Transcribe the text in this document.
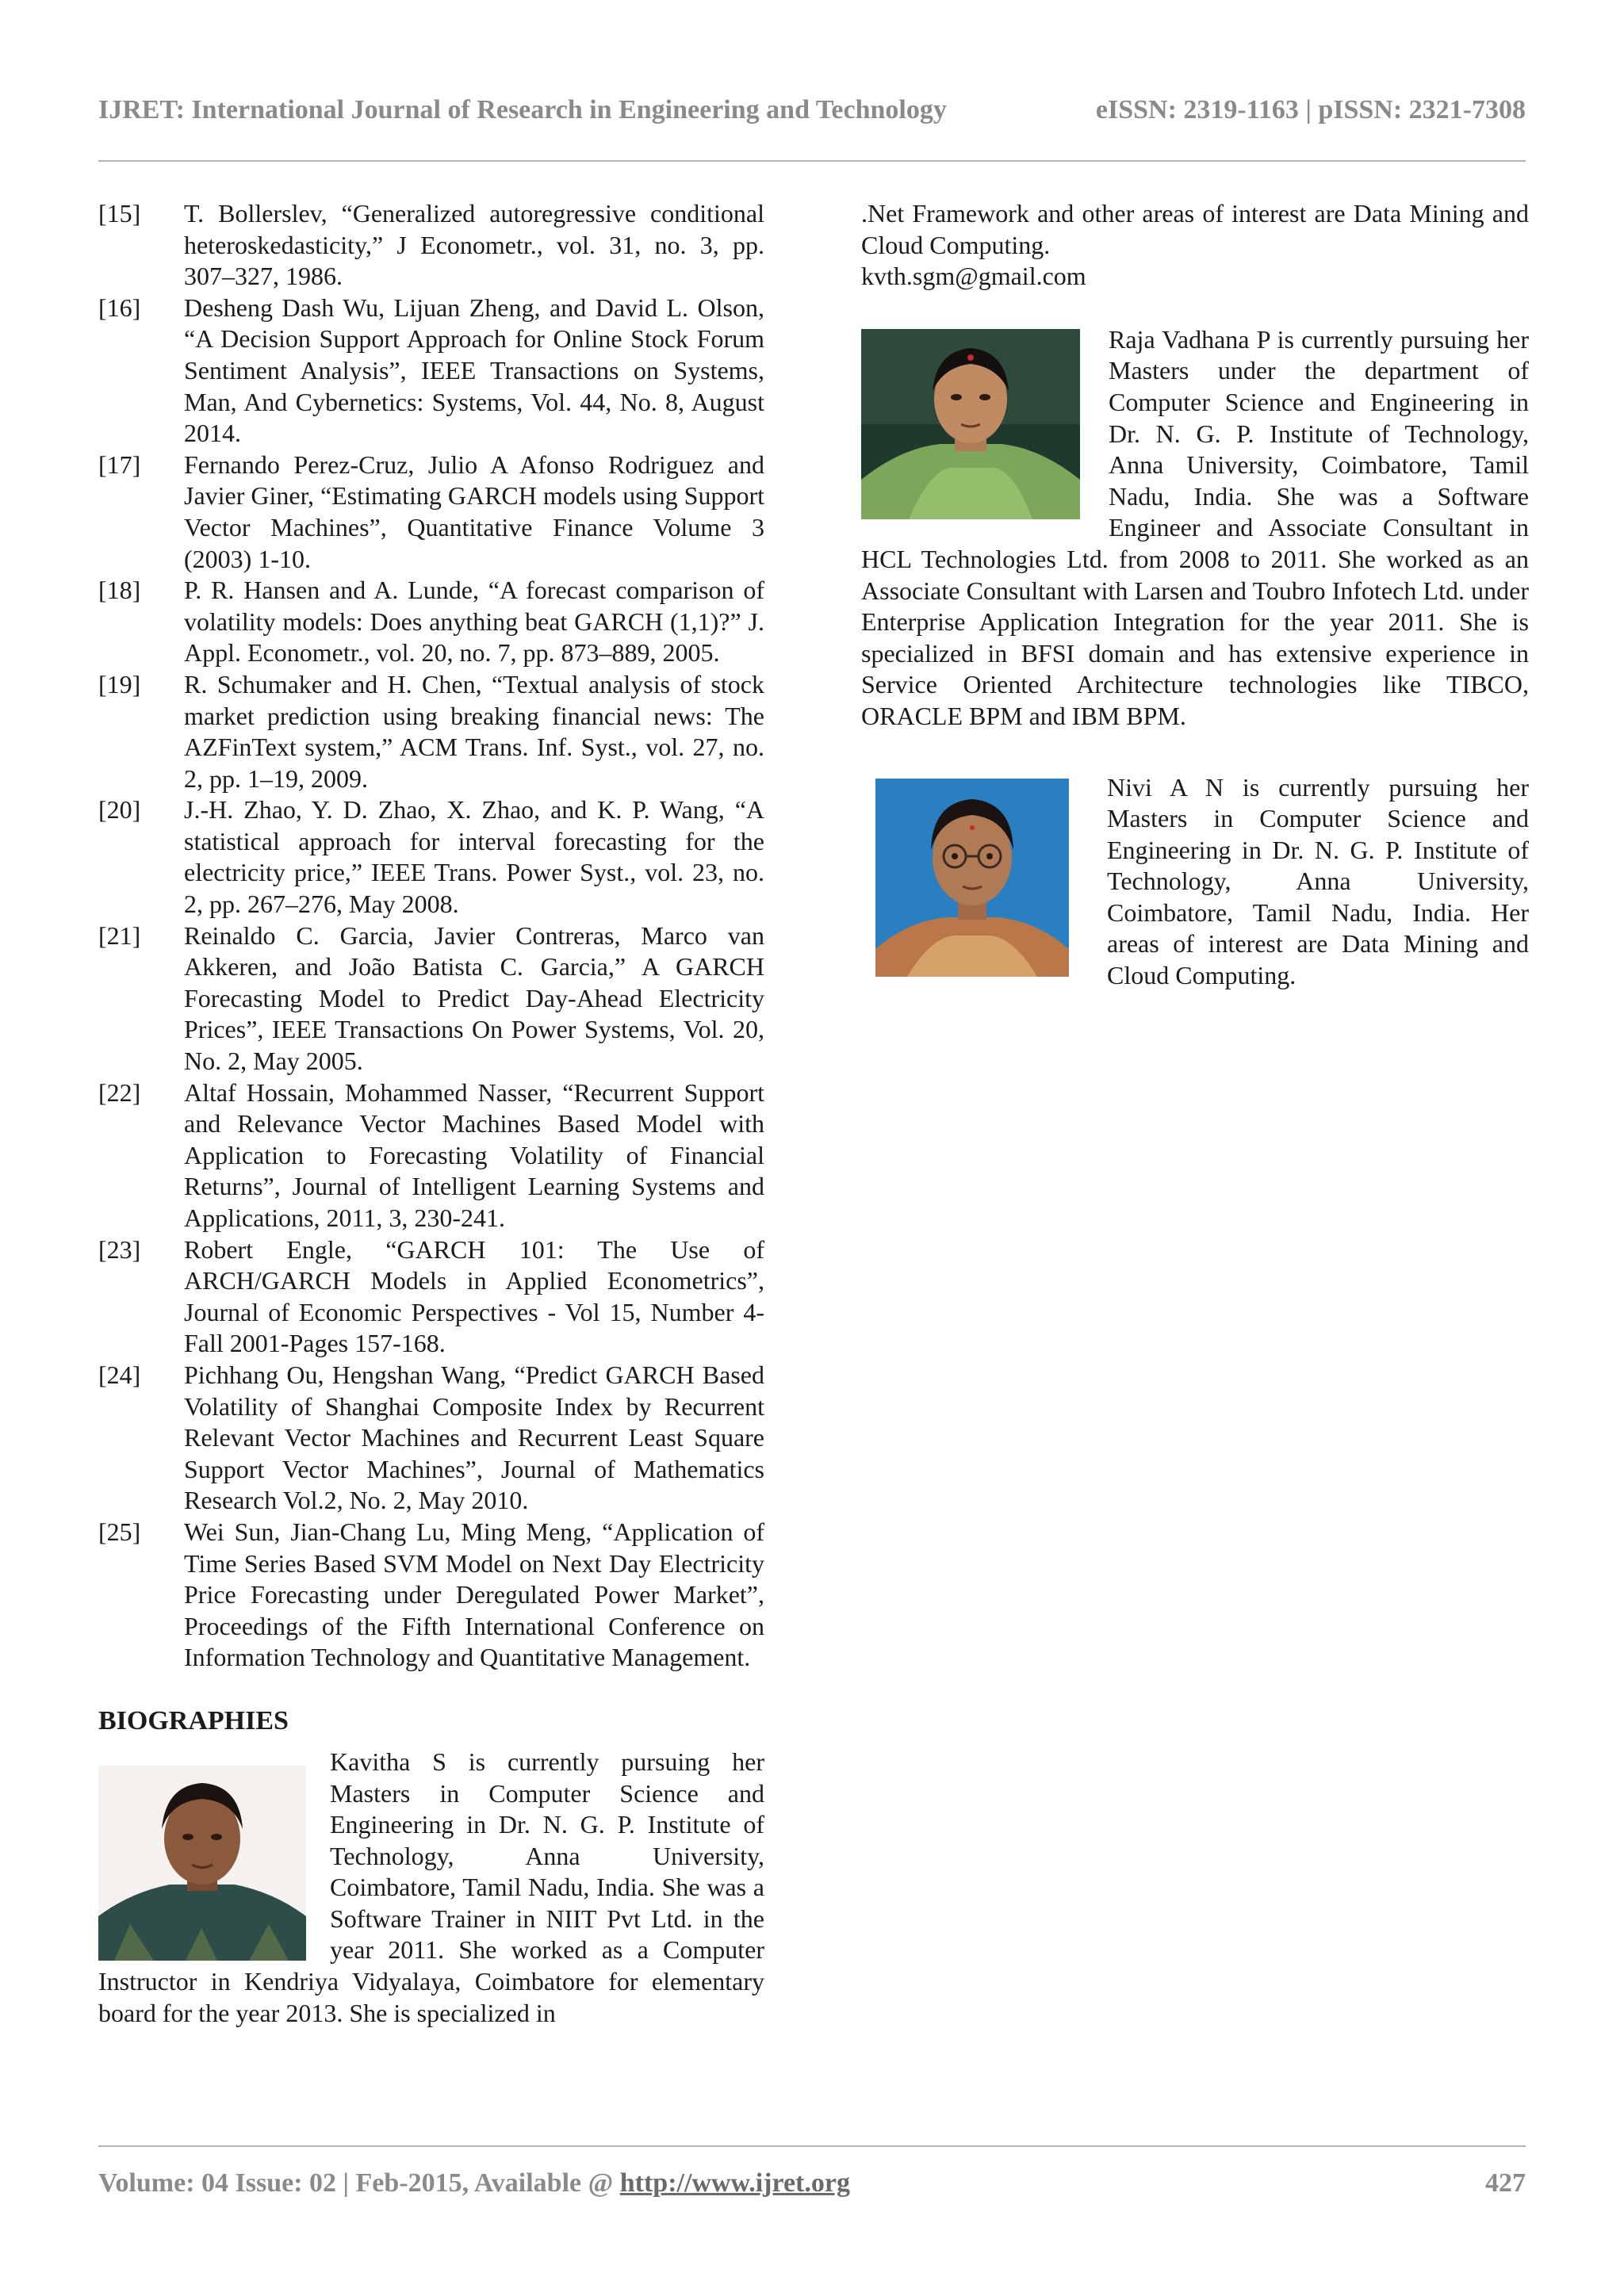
IJRET: International Journal of Research in Engineering and Technology	eISSN: 2319-1163 | pISSN: 2321-7308
[15]	T. Bollerslev, “Generalized autoregressive conditional heteroskedasticity,” J Econometr., vol. 31, no. 3, pp. 307–327, 1986.
[16]	Desheng Dash Wu, Lijuan Zheng, and David L. Olson, “A Decision Support Approach for Online Stock Forum Sentiment Analysis”, IEEE Transactions on Systems, Man, And Cybernetics: Systems, Vol. 44, No. 8, August 2014.
[17]	Fernando Perez-Cruz, Julio A Afonso Rodriguez and Javier Giner, “Estimating GARCH models using Support Vector Machines”, Quantitative Finance Volume 3 (2003) 1-10.
[18]	P. R. Hansen and A. Lunde, “A forecast comparison of volatility models: Does anything beat GARCH (1,1)?” J. Appl. Econometr., vol. 20, no. 7, pp. 873–889, 2005.
[19]	R. Schumaker and H. Chen, “Textual analysis of stock market prediction using breaking financial news: The AZFinText system,” ACM Trans. Inf. Syst., vol. 27, no. 2, pp. 1–19, 2009.
[20]	J.-H. Zhao, Y. D. Zhao, X. Zhao, and K. P. Wang, “A statistical approach for interval forecasting for the electricity price,” IEEE Trans. Power Syst., vol. 23, no. 2, pp. 267–276, May 2008.
[21]	Reinaldo C. Garcia, Javier Contreras, Marco van Akkeren, and João Batista C. Garcia,” A GARCH Forecasting Model to Predict Day-Ahead Electricity Prices”, IEEE Transactions On Power Systems, Vol. 20, No. 2, May 2005.
[22]	Altaf Hossain, Mohammed Nasser, “Recurrent Support and Relevance Vector Machines Based Model with Application to Forecasting Volatility of Financial Returns”, Journal of Intelligent Learning Systems and Applications, 2011, 3, 230-241.
[23]	Robert Engle, “GARCH 101: The Use of ARCH/GARCH Models in Applied Econometrics”, Journal of Economic Perspectives - Vol 15, Number 4- Fall 2001-Pages 157-168.
[24]	Pichhang Ou, Hengshan Wang, “Predict GARCH Based Volatility of Shanghai Composite Index by Recurrent Relevant Vector Machines and Recurrent Least Square Support Vector Machines”, Journal of Mathematics Research Vol.2, No. 2, May 2010.
[25]	Wei Sun, Jian-Chang Lu, Ming Meng, “Application of Time Series Based SVM Model on Next Day Electricity Price Forecasting under Deregulated Power Market”, Proceedings of the Fifth International Conference on Information Technology and Quantitative Management.
BIOGRAPHIES

Kavitha S is currently pursuing her Masters in Computer Science and Engineering in Dr. N. G. P. Institute of Technology, Anna University, Coimbatore, Tamil Nadu, India. She was a Software Trainer in NIIT Pvt Ltd. in the year 2011. She worked as a Computer Instructor in Kendriya Vidyalaya, Coimbatore for elementary board for the year 2013. She is specialized in

.Net Framework and other areas of interest are Data Mining and Cloud Computing.
kvth.sgm@gmail.com

Raja Vadhana P is currently pursuing her Masters under the department of Computer Science and Engineering in Dr. N. G. P. Institute of Technology, Anna University, Coimbatore, Tamil Nadu, India. She was a Software Engineer and Associate Consultant in HCL Technologies Ltd. from 2008 to 2011. She worked as an Associate Consultant with Larsen and Toubro Infotech Ltd. under Enterprise Application Integration for the year 2011. She is specialized in BFSI domain and has extensive experience in Service Oriented Architecture technologies like TIBCO, ORACLE BPM and IBM BPM.

Nivi A N is currently pursuing her Masters in Computer Science and Engineering in Dr. N. G. P. Institute of Technology, Anna University, Coimbatore, Tamil Nadu, India. Her areas of interest are Data Mining and Cloud Computing.

Volume: 04 Issue: 02 | Feb-2015, Available @ http://www.ijret.org	427
